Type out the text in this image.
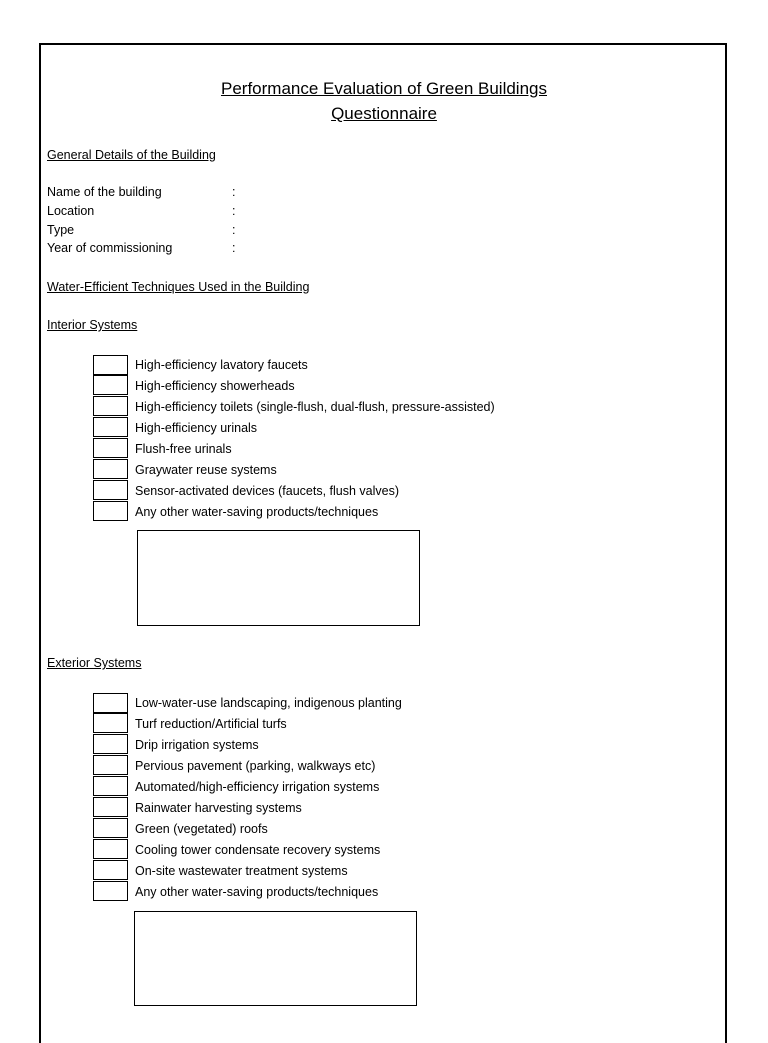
Performance Evaluation of Green Buildings
Questionnaire
General Details of the Building
Name of the building	:
Location	:
Type	:
Year of commissioning	:
Water-Efficient Techniques Used in the Building
Interior Systems
High-efficiency lavatory faucets
High-efficiency showerheads
High-efficiency toilets (single-flush, dual-flush, pressure-assisted)
High-efficiency urinals
Flush-free urinals
Graywater reuse systems
Sensor-activated devices (faucets, flush valves)
Any other water-saving products/techniques
Exterior Systems
Low-water-use landscaping, indigenous planting
Turf reduction/Artificial turfs
Drip irrigation systems
Pervious pavement (parking, walkways etc)
Automated/high-efficiency irrigation systems
Rainwater harvesting systems
Green (vegetated) roofs
Cooling tower condensate recovery systems
On-site wastewater treatment systems
Any other water-saving products/techniques
